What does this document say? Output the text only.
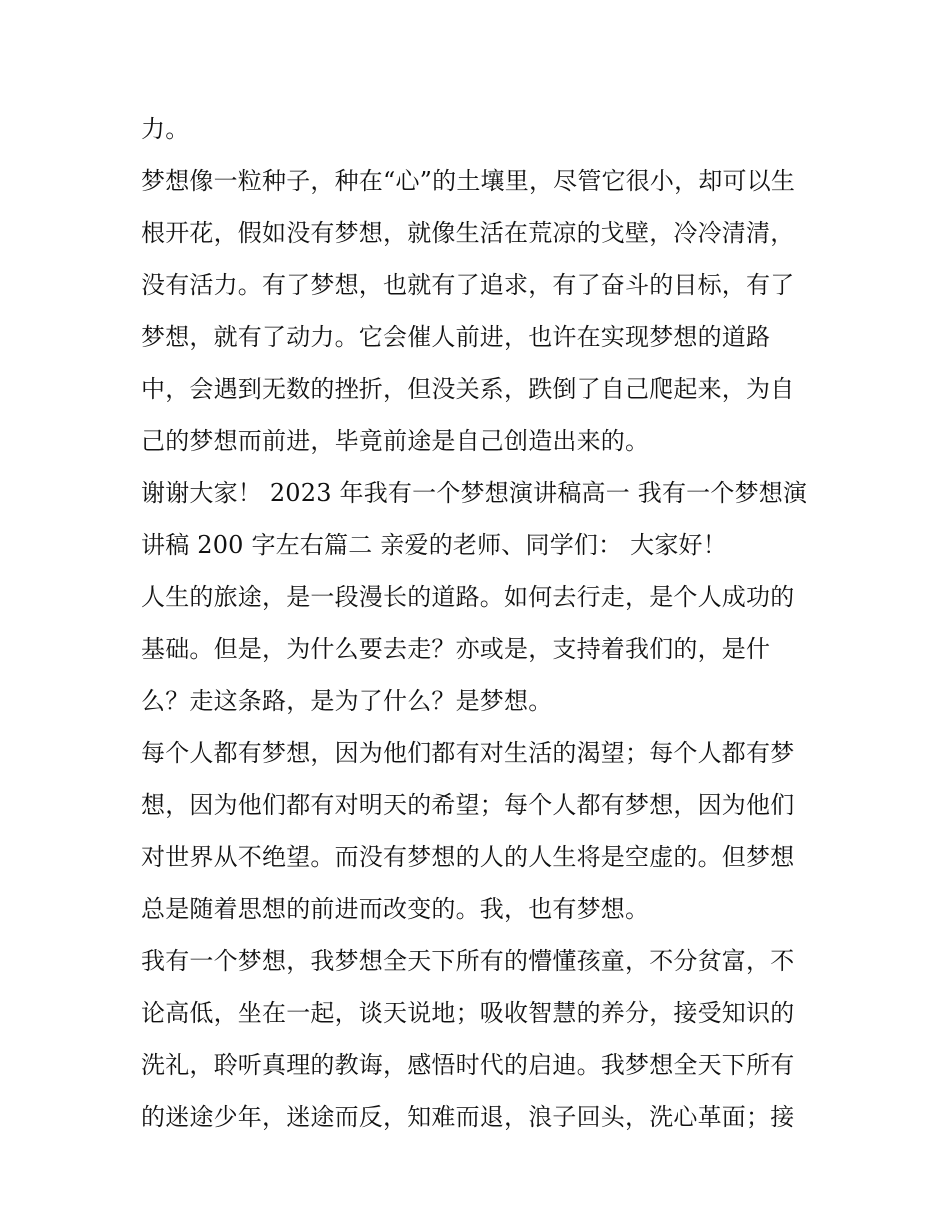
力。
梦想像一粒种子，种在“心”的土壤里，尽管它很小，却可以生
根开花，假如没有梦想，就像生活在荒凉的戈壁，冷冷清清，
没有活力。有了梦想，也就有了追求，有了奋斗的目标，有了
梦想，就有了动力。它会催人前进，也许在实现梦想的道路
中，会遇到无数的挫折，但没关系，跌倒了自己爬起来，为自
己的梦想而前进，毕竟前途是自己创造出来的。
谢谢大家！ 2023 年我有一个梦想演讲稿高一 我有一个梦想演
讲稿 200 字左右篇二 亲爱的老师、同学们： 大家好！
人生的旅途，是一段漫长的道路。如何去行走，是个人成功的
基础。但是，为什么要去走？亦或是，支持着我们的，是什
么？走这条路，是为了什么？是梦想。
每个人都有梦想，因为他们都有对生活的渴望；每个人都有梦
想，因为他们都有对明天的希望；每个人都有梦想，因为他们
对世界从不绝望。而没有梦想的人的人生将是空虚的。但梦想
总是随着思想的前进而改变的。我，也有梦想。
我有一个梦想，我梦想全天下所有的懵懂孩童，不分贫富，不
论高低，坐在一起，谈天说地；吸收智慧的养分，接受知识的
洗礼，聆听真理的教诲，感悟时代的启迪。我梦想全天下所有
的迷途少年，迷途而反，知难而退，浪子回头，洗心革面；接
